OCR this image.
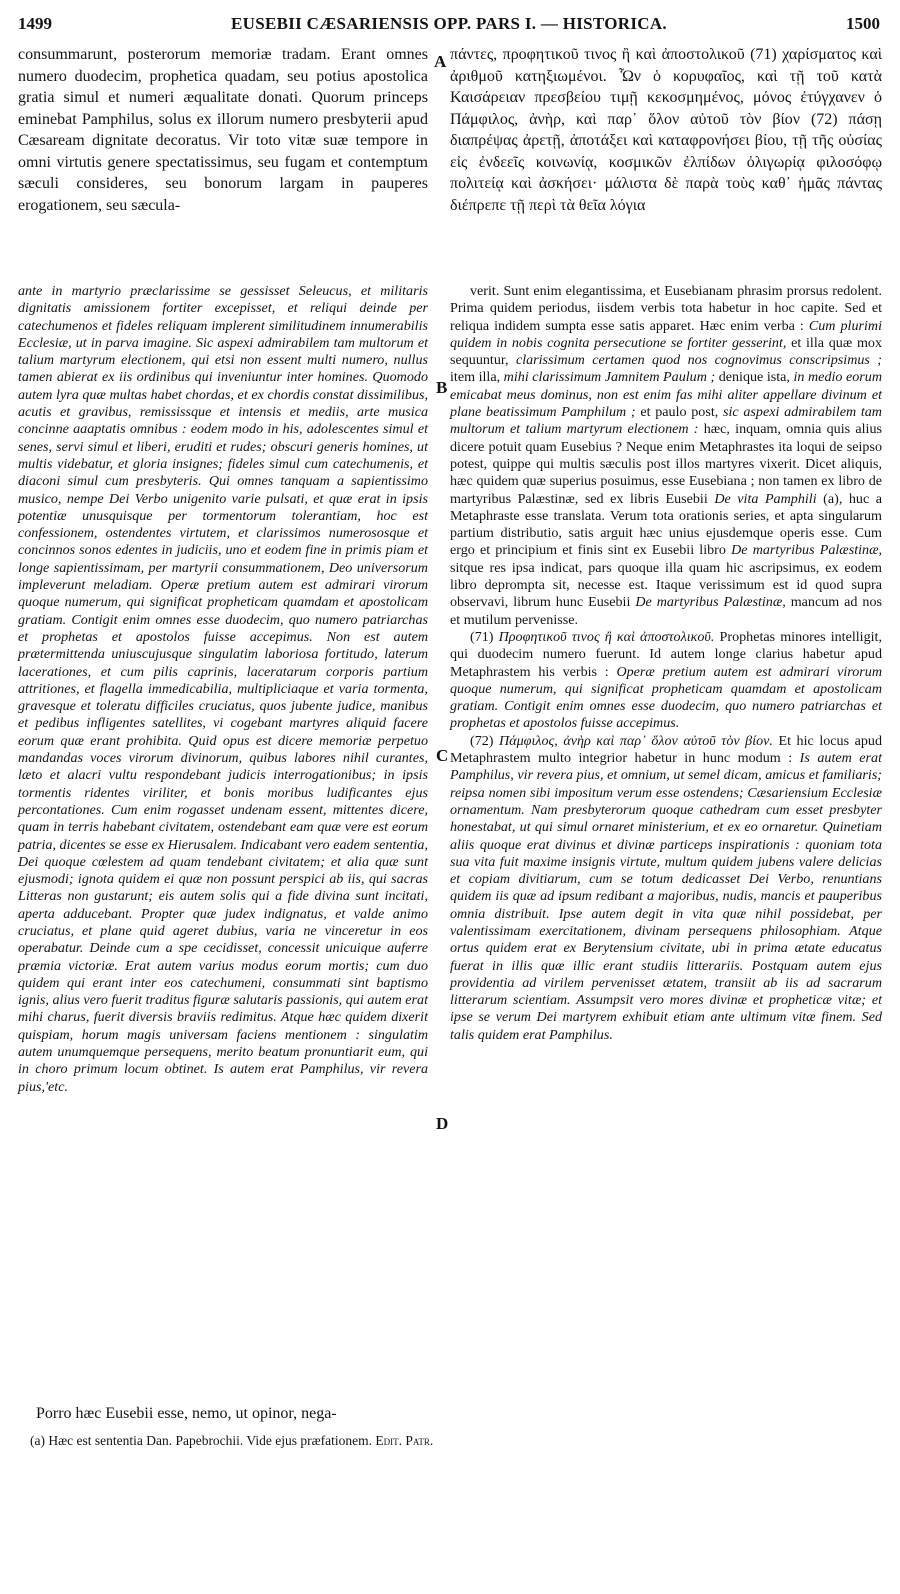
1499	EUSEBII CÆSARIENSIS OPP. PARS I. — HISTORICA.	1500

consummarunt, posterorum memoriæ tradam. Erant omnes numero duodecim, prophetica quadam, seu potius apostolica gratia simul et numeri æqualitate donati. Quorum princeps eminebat Pamphilus, solus ex illorum numero presbyterii apud Cæsaream dignitate decoratus. Vir toto vitæ suæ tempore in omni virtutis genere spectatissimus, seu fugam et contemptum sæculi consideres, seu bonorum largam in pauperes erogationem, seu sæcula-

A πάντες, προφητικοῦ τινος ἢ καὶ ἀποστολικοῦ (71) χαρίσματος καὶ ἀριθμοῦ κατηξιωμένοι. Ὧν ὁ κορυφαῖος, καὶ τῇ τοῦ κατὰ Καισάρειαν πρεσβείου τιμῇ κεκοσμημένος, μόνος ἐτύγχανεν ὁ Πάμφιλος, ἀνὴρ, καὶ παρ᾽ ὅλον αὐτοῦ τὸν βίον (72) πάσῃ διαπρέψας ἀρετῇ, ἀποτάξει καὶ καταφρονήσει βίου, τῇ τῆς οὐσίας εἰς ἐνδεεῖς κοινωνίᾳ, κοσμικῶν ἐλπίδων ὀλιγωρίᾳ φιλοσόφῳ πολιτείᾳ καὶ ἀσκήσει· μάλιστα δὲ παρὰ τοὺς καθ᾽ ἡμᾶς πάντας διέπρεπε τῇ περὶ τὰ θεῖα λόγια

ante in martyrio præclarissime se gessisset Seleucus, et militaris dignitatis amissionem fortiter excepisset, et reliqui deinde per catechumenos et fideles reliquam implerent similitudinem innumerabilis Ecclesiæ, ut in parva imagine. Sic aspexi admirabilem tam multorum et talium martyrum electionem, qui etsi non essent multi numero, nullus tamen abierat ex iis ordinibus qui inveniuntur inter homines. Quomodo autem lyra quæ multas habet chordas, et ex chordis constat dissimilibus, acutis et gravibus, remississque et intensis et mediis, arte musica concinne aaaptatis omnibus : eodem modo in his, adolescentes simul et senes, servi simul et liberi, eruditi et rudes; obscuri generis homines, ut multis videbatur, et gloria insignes; fideles simul cum catechumenis, et diaconi simul cum presbyteris. Qui omnes tanquam a sapientissimo musico, nempe Dei Verbo unigenito varie pulsati, et quæ erat in ipsis potentiæ unusquisque per tormentorum tolerantiam, hoc est confessionem, ostendentes virtutem, et clarissimos numerososque et concinnos sonos edentes in judiciis, uno et eodem fine in primis piam et longe sapientissimam, per martyrii consummationem, Deo universorum impleverunt meladiam. Operæ pretium autem est admirari virorum quoque numerum, qui significat propheticam quamdam et apostolicam gratiam. Contigit enim omnes esse duodecim, quo numero patriarchas et prophetas et apostolos fuisse accepimus. Non est autem prætermittenda uniuscujusque singulatim laboriosa fortitudo, laterum lacerationes, et cum pilis caprinis, laceratarum corporis partium attritiones, et flagella immedicabilia, multipliciaque et varia tormenta, gravesque et toleratu difficiles cruciatus, quos jubente judice, manibus et pedibus infligentes satellites, vi cogebant martyres aliquid facere eorum quæ erant prohibita. Quid opus est dicere memoriæ perpetuo mandandas voces virorum divinorum, quibus labores nihil curantes, læto et alacri vultu respondebant judicis interrogationibus; in ipsis tormentis ridentes viriliter, et bonis moribus ludificantes ejus percontationes. Cum enim rogasset undenam essent, mittentes dicere, quam in terris habebant civitatem, ostendebant eam quæ vere est eorum patria, dicentes se esse ex Hierusalem. Indicabant vero eadem sententia, Dei quoque cœlestem ad quam tendebant civitatem; et alia quæ sunt ejusmodi; ignota quidem ei quæ non possunt perspici ab iis, qui sacras Litteras non gustarunt; eis autem solis qui a fide divina sunt incitati, aperta adducebant. Propter quæ judex indignatus, et valde animo cruciatus, et plane quid ageret dubius, varia ne vinceretur in eos operabatur. Deinde cum a spe cecidisset, concessit unicuique auferre præmia victoriæ. Erat autem varius modus eorum mortis; cum duo quidem qui erant inter eos catechumeni, consummati sint baptismo ignis, alius vero fuerit traditus figuræ salutaris passionis, qui autem erat mihi charus, fuerit diversis braviis redimitus. Atque hæc quidem dixerit quispiam, horum magis universam faciens mentionem : singulatim autem unumquemque persequens, merito beatum pronuntiarit eum, qui in choro primum locum obtinet. Is autem erat Pamphilus, vir revera pius,'etc.

B
C
D

verit. Sunt enim elegantissima, et Eusebianam phrasim prorsus redolent. Prima quidem periodus, iisdem verbis tota habetur in hoc capite. Sed et reliqua indidem sumpta esse satis apparet. Hæc enim verba : Cum plurimi quidem in nobis cognita persecutione se fortiter gesserint, et illa quæ mox sequuntur, clarissimum certamen quod nos cognovimus conscripsimus ; item illa, mihi clarissimum Jamnitem Paulum ; denique ista, in medio eorum emicabat meus dominus, non est enim fas mihi aliter appellare divinum et plane beatissimum Pamphilum ; et paulo post, sic aspexi admirabilem tam multorum et talium martyrum electionem : hæc, inquam, omnia quis alius dicere potuit quam Eusebius ? Neque enim Metaphrastes ita loqui de seipso potest, quippe qui multis sæculis post illos martyres vixerit. Dicet aliquis, hæc quidem quæ superius posuimus, esse Eusebiana ; non tamen ex libro de martyribus Palæstinæ, sed ex libris Eusebii De vita Pamphili (a), huc a Metaphraste esse translata. Verum tota orationis series, et apta singularum partium distributio, satis arguit hæc unius ejusdemque operis esse. Cum ergo et principium et finis sint ex Eusebii libro De martyribus Palæstinæ, sitque res ipsa indicat, pars quoque illa quam hic ascripsimus, ex eodem libro deprompta sit, necesse est. Itaque verissimum est id quod supra observavi, librum hunc Eusebii De martyribus Palæstinæ, mancum ad nos et mutilum pervenisse.

(71) Προφητικοῦ τινος ἢ καὶ ἀποστολικοῦ. Prophetas minores intelligit, qui duodecim numero fuerunt. Id autem longe clarius habetur apud Metaphrastem his verbis : Operæ pretium autem est admirari virorum quoque numerum, qui significat propheticam quamdam et apostolicam gratiam. Contigit enim omnes esse duodecim, quo numero patriarchas et prophetas et apostolos fuisse accepimus.

(72) Πάμφιλος, ἀνὴρ καὶ παρ᾽ ὅλον αὐτοῦ τὸν βίον. Et hic locus apud Metaphrastem multo integrior habetur in hunc modum : Is autem erat Pamphilus, vir revera pius, et omnium, ut semel dicam, amicus et familiaris; reipsa nomen sibi impositum verum esse ostendens; Cæsariensium Ecclesiæ ornamentum. Nam presbyterorum quoque cathedram cum esset presbyter honestabat, ut qui simul ornaret ministerium, et ex eo ornaretur. Quinetiam aliis quoque erat divinus et divinæ particeps inspirationis : quoniam tota sua vita fuit maxime insignis virtute, multum quidem jubens valere delicias et copiam divitiarum, cum se totum dedicasset Dei Verbo, renuntians quidem iis quæ ad ipsum redibant a majoribus, nudis, mancis et pauperibus omnia distribuit. Ipse autem degit in vita quæ nihil possidebat, per valentissimam exercitationem, divinam persequens philosophiam. Atque ortus quidem erat ex Berytensium civitate, ubi in prima ætate educatus fuerat in illis quæ illic erant studiis litterariis. Postquam autem ejus providentia ad virilem pervenisset ætatem, transiit ab iis ad sacrarum litterarum scientiam. Assumpsit vero mores divinæ et propheticæ vitæ; et ipse se verum Dei martyrem exhibuit etiam ante ultimum vitæ finem. Sed talis quidem erat Pamphilus.

Porro hæc Eusebii esse, nemo, ut opinor, nega-
(a) Hæc est sententia Dan. Papebrochii. Vide ejus præfationem. Edit. Patr.
